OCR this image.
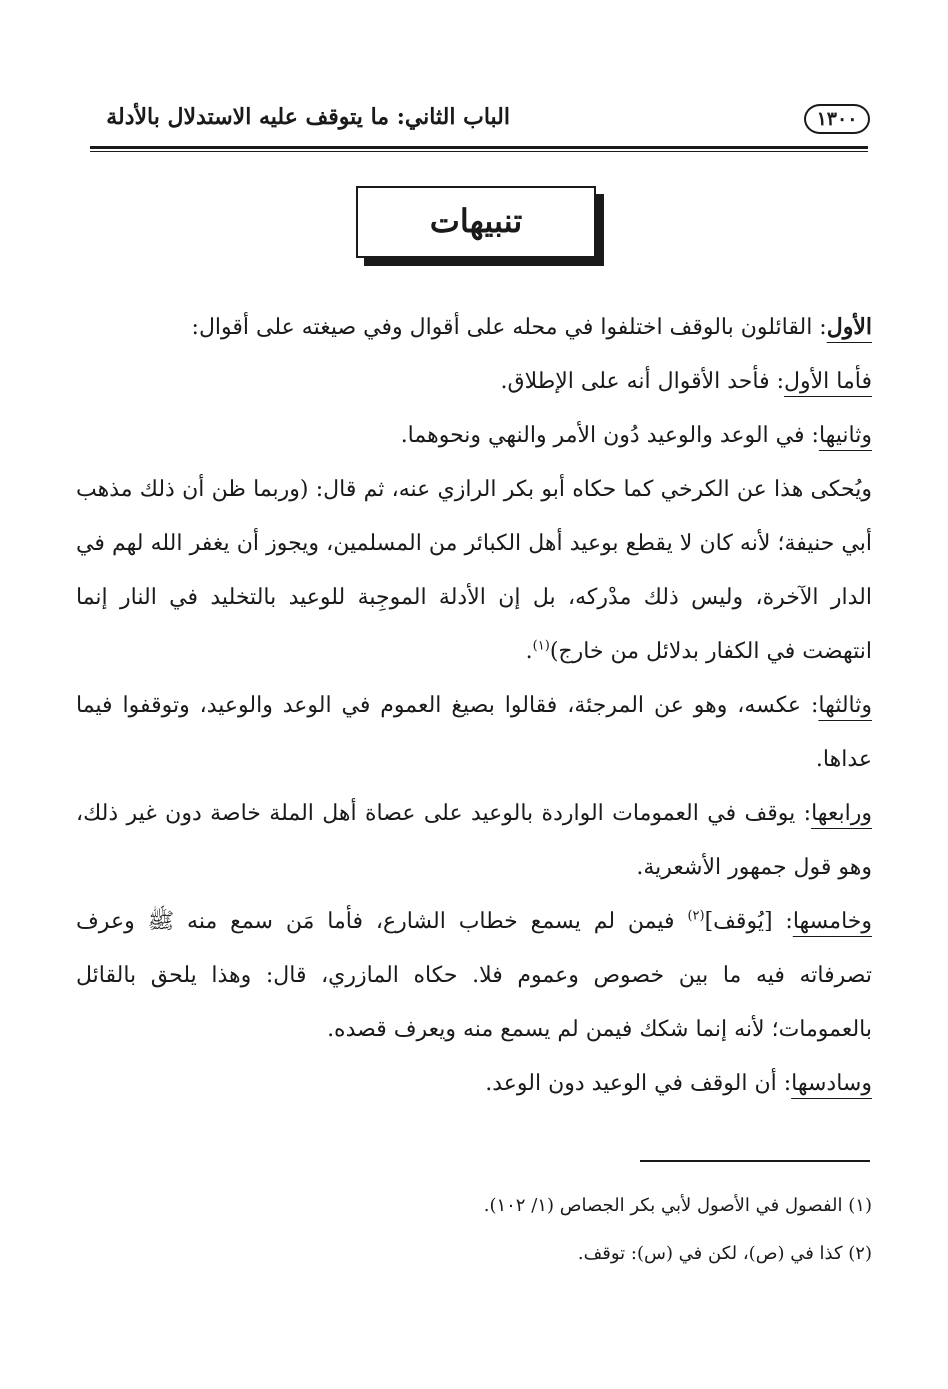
١٣٠٠
الباب الثاني: ما يتوقف عليه الاستدلال بالأدلة
تنبيهات

الأول: القائلون بالوقف اختلفوا في محله على أقوال وفي صيغته على أقوال:

فأما الأول: فأحد الأقوال أنه على الإطلاق.

وثانيها: في الوعد والوعيد دُون الأمر والنهي ونحوهما.

ويُحكى هذا عن الكرخي كما حكاه أبو بكر الرازي عنه، ثم قال: (وربما ظن أن ذلك مذهب أبي حنيفة؛ لأنه كان لا يقطع بوعيد أهل الكبائر من المسلمين، ويجوز أن يغفر الله لهم في الدار الآخرة، وليس ذلك مدْركه، بل إن الأدلة الموجِبة للوعيد بالتخليد في النار إنما انتهضت في الكفار بدلائل من خارج)$^{(١)}$.

وثالثها: عكسه، وهو عن المرجئة، فقالوا بصيغ العموم في الوعد والوعيد، وتوقفوا فيما عداها.

ورابعها: يوقف في العمومات الواردة بالوعيد على عصاة أهل الملة خاصة دون غير ذلك، وهو قول جمهور الأشعرية.

وخامسها: [يُوقف]$^{(٢)}$ فيمن لم يسمع خطاب الشارع، فأما مَن سمع منه ﷺ وعرف تصرفاته فيه ما بين خصوص وعموم فلا. حكاه المازري، قال: وهذا يلحق بالقائل بالعمومات؛ لأنه إنما شكك فيمن لم يسمع منه ويعرف قصده.

وسادسها: أن الوقف في الوعيد دون الوعد.

(١) الفصول في الأصول لأبي بكر الجصاص (١/ ١٠٢).
(٢) كذا في (ص)، لكن في (س): توقف.
